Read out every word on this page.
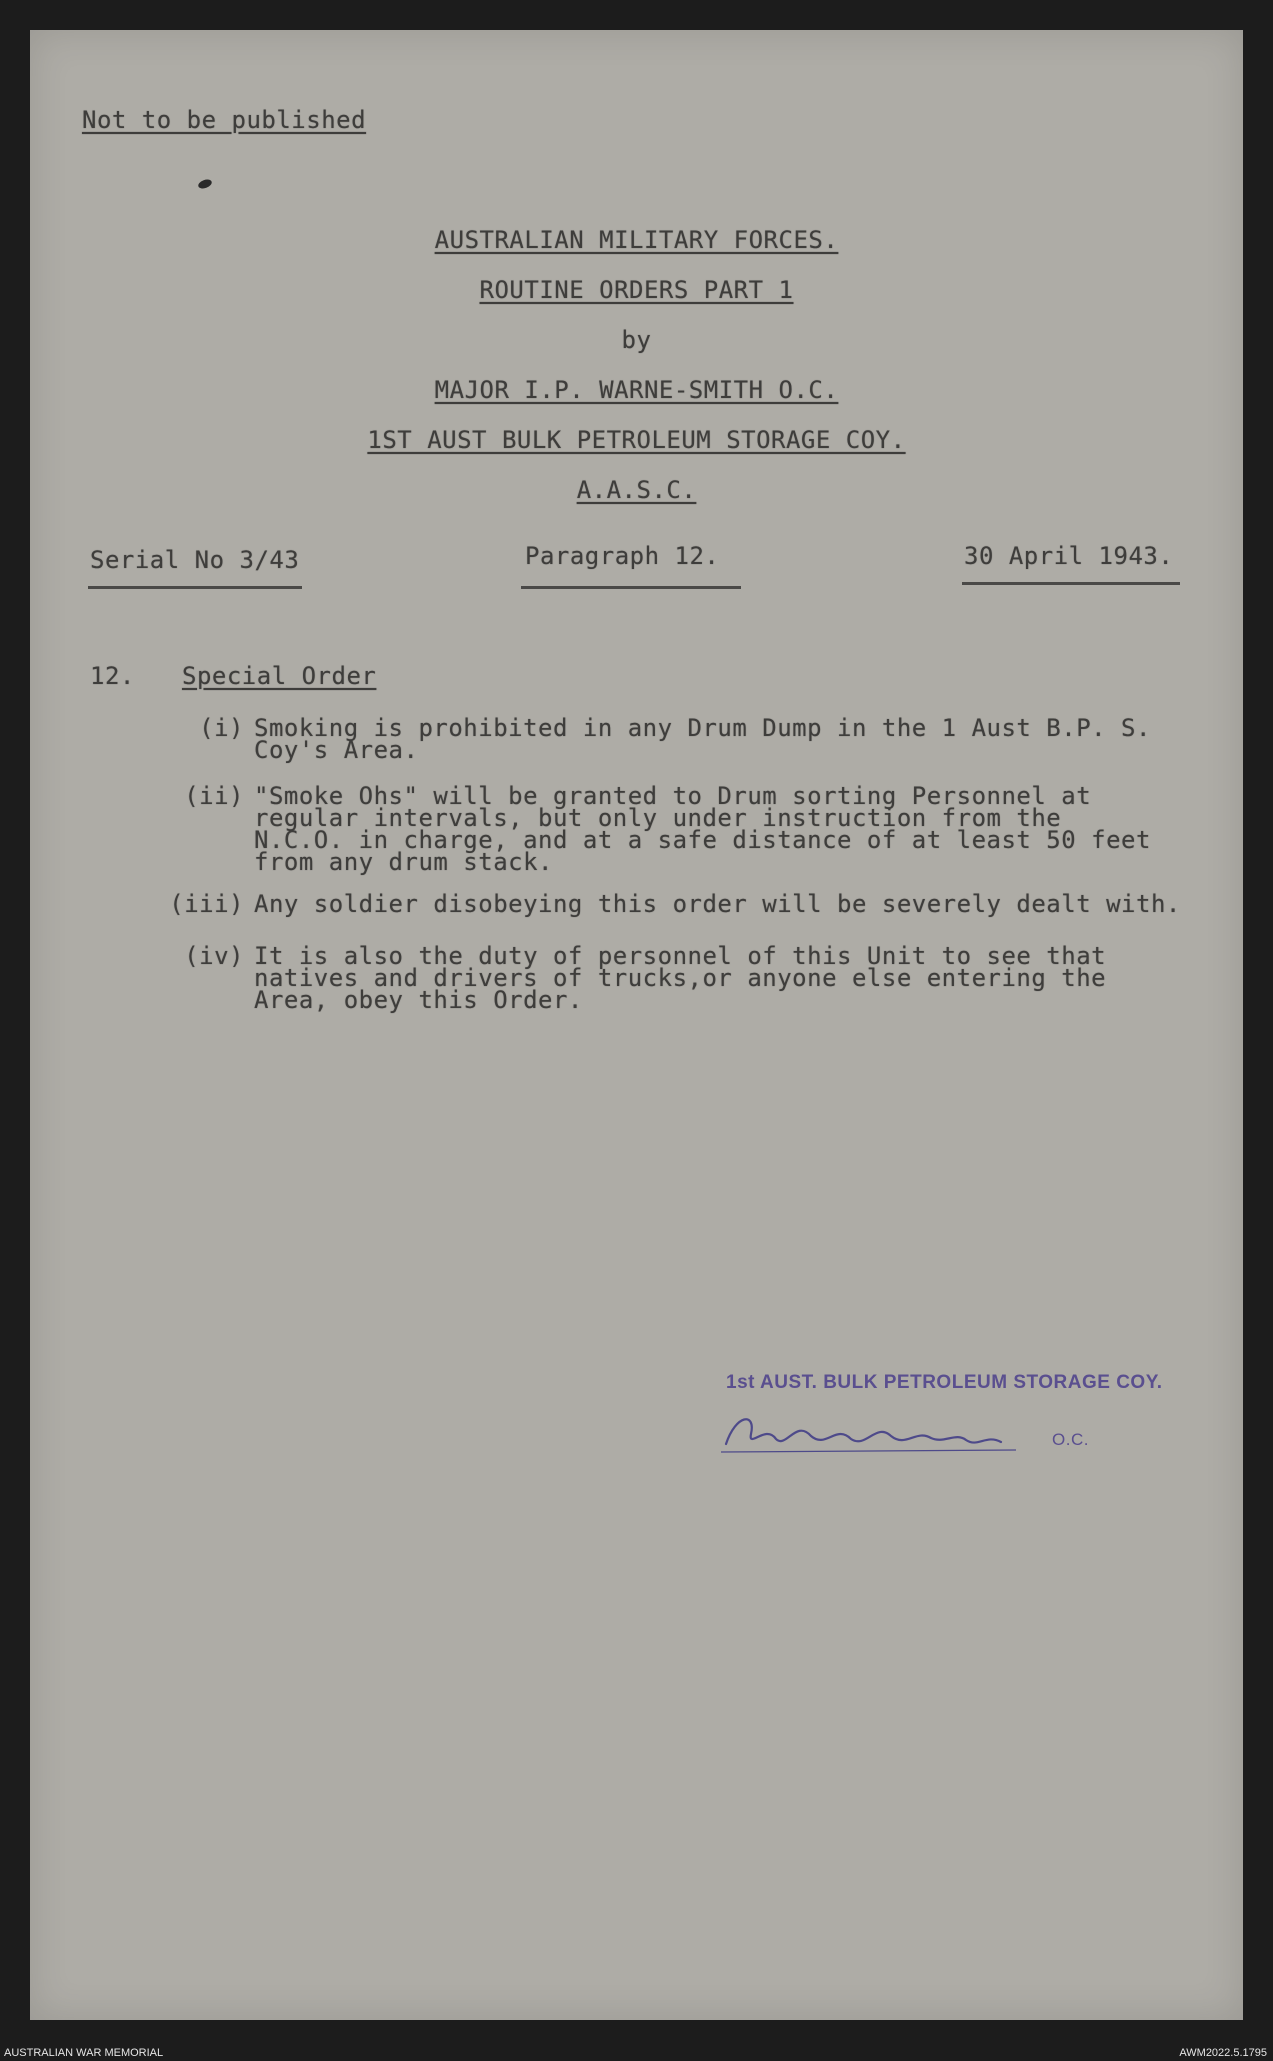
Not to be published
AUSTRALIAN MILITARY FORCES.
ROUTINE ORDERS PART 1
by
MAJOR I.P. WARNE-SMITH O.C.
1ST AUST BULK PETROLEUM STORAGE COY.
A.A.S.C.
Serial No 3/43	Paragraph 12.	30 April 1943.
12. Special Order
(i) Smoking is prohibited in any Drum Dump in the 1 Aust B.P. S.
Coy's Area.
(ii) "Smoke Ohs" will be granted to Drum sorting Personnel at
regular intervals, but only under instruction from the
N.C.O. in charge, and at a safe distance of at least 50 feet
from any drum stack.
(iii) Any soldier disobeying this order will be severely dealt with.
(iv) It is also the duty of personnel of this Unit to see that
natives and drivers of trucks,or anyone else entering the
Area, obey this Order.
1st AUST. BULK PETROLEUM STORAGE COY.
O.C.
AUSTRALIAN WAR MEMORIAL	AWM2022.5.1795
